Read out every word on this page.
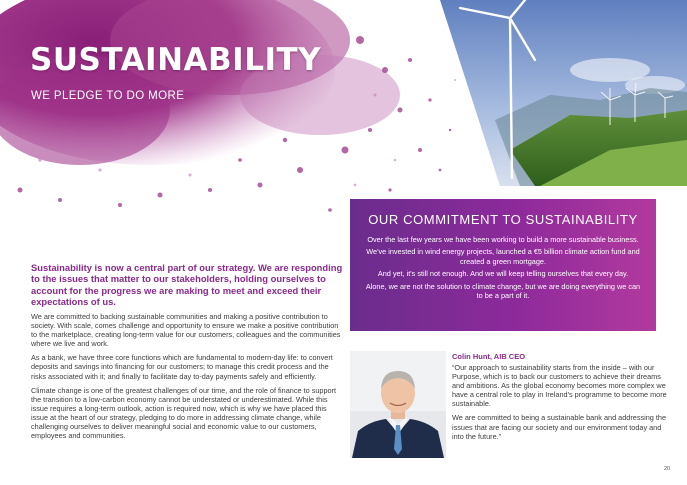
SUSTAINABILITY
WE PLEDGE TO DO MORE
OUR COMMITMENT TO SUSTAINABILITY

Over the last few years we have been working to build a more sustainable business.

We've invested in wind energy projects, launched a €5 billion climate action fund and created a green mortgage.

And yet, it's still not enough. And we will keep telling ourselves that every day.

Alone, we are not the solution to climate change, but we are doing everything we can to be a part of it.

Sustainability is now a central part of our strategy. We are responding to the issues that matter to our stakeholders, holding ourselves to account for the progress we are making to meet and exceed their expectations of us.

We are committed to backing sustainable communities and making a positive contribution to society. With scale, comes challenge and opportunity to ensure we make a positive contribution to the marketplace, creating long-term value for our customers, colleagues and the communities where we live and work.

As a bank, we have three core functions which are fundamental to modern-day life: to convert deposits and savings into financing for our customers; to manage this credit process and the risks associated with it; and finally to facilitate day to-day payments safely and efficiently.

Climate change is one of the greatest challenges of our time, and the role of finance to support the transition to a low-carbon economy cannot be understated or underestimated. While this issue requires a long-term outlook, action is required now, which is why we have placed this issue at the heart of our strategy, pledging to do more in addressing climate change, while challenging ourselves to deliver meaningful social and economic value to our customers, employees and communities.

Colin Hunt, AIB CEO

“Our approach to sustainability starts from the inside – with our Purpose, which is to back our customers to achieve their dreams and ambitions. As the global economy becomes more complex we have a central role to play in Ireland's programme to become more sustainable.

We are committed to being a sustainable bank and addressing the issues that are facing our society and our environment today and into the future.”

20
